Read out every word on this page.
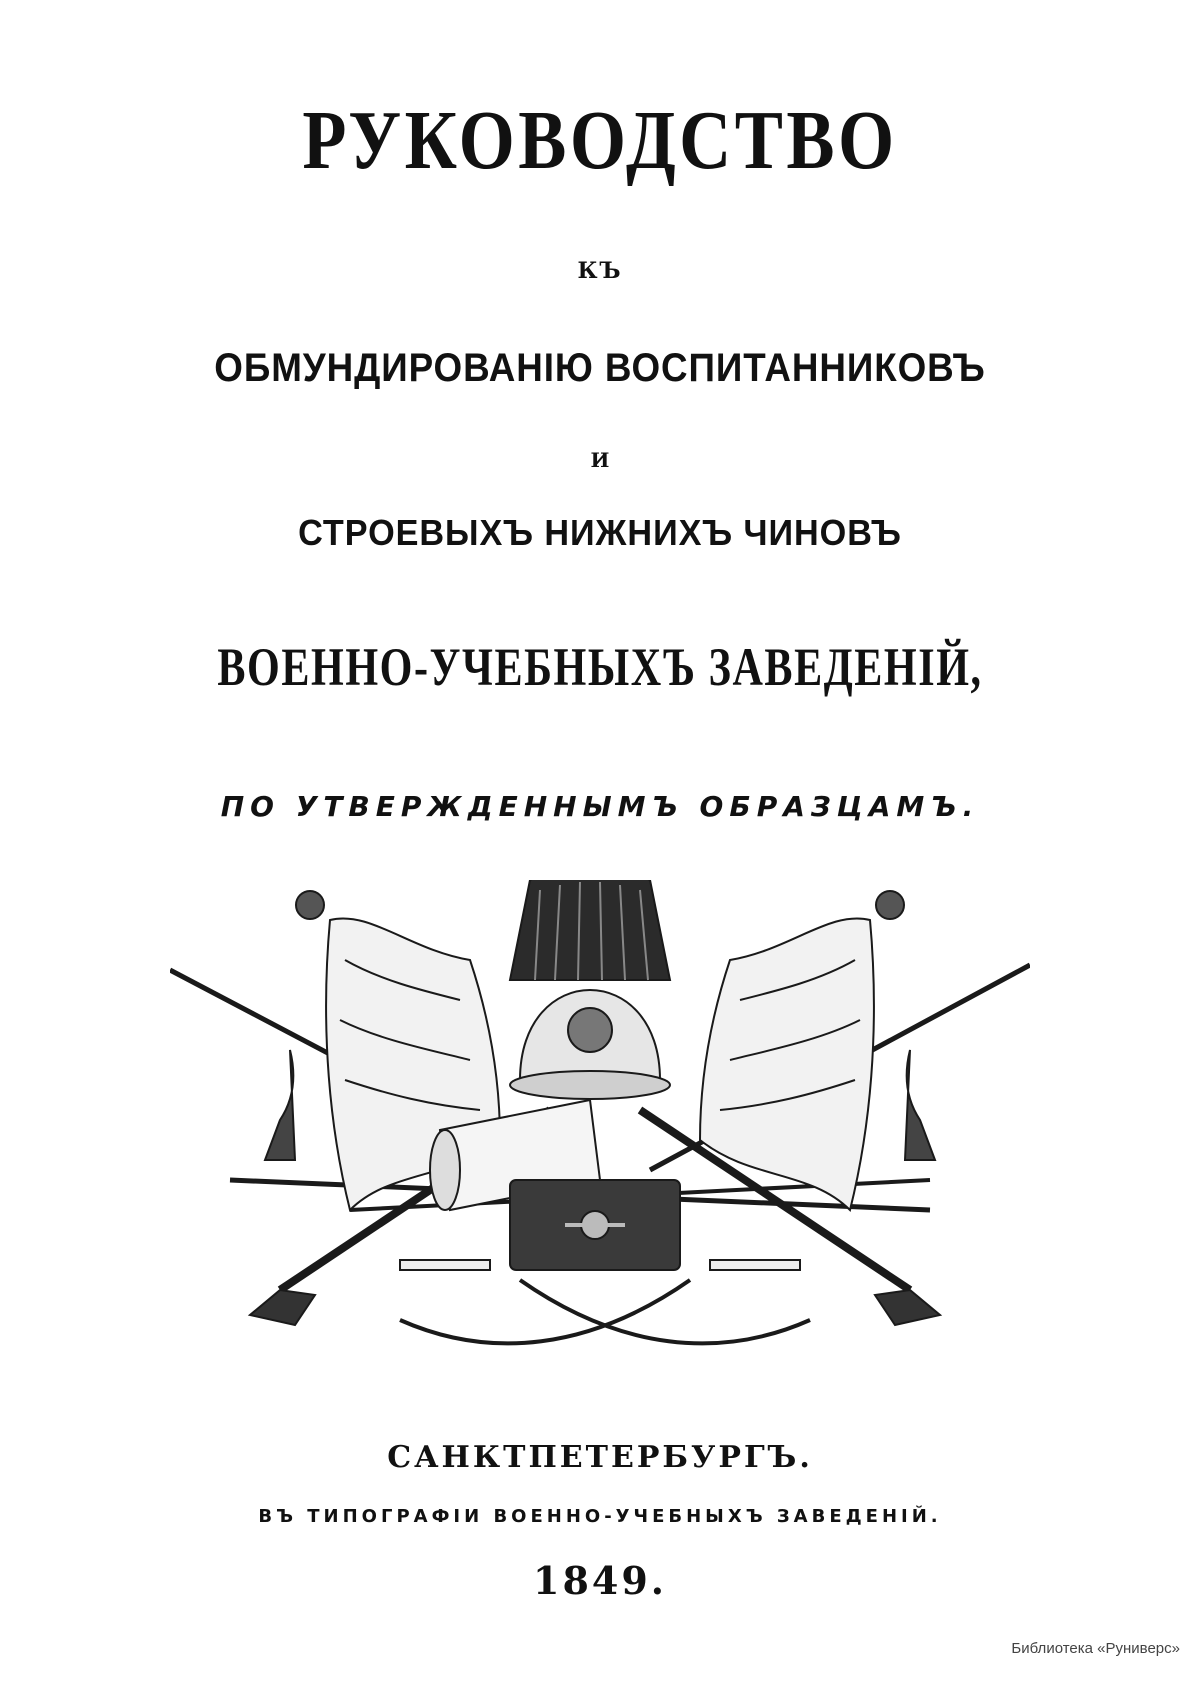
РУКОВОДСТВО
КЪ
ОБМУНДИРОВАНІЮ ВОСПИТАННИКОВЪ
И
СТРОЕВЫХЪ НИЖНИХЪ ЧИНОВЪ
ВОЕННО-УЧЕБНЫХЪ ЗАВЕДЕНІЙ,
ПО УТВЕРЖДЕННЫМЪ ОБРАЗЦАМЪ.
САНКТПЕТЕРБУРГЪ.
ВЪ ТИПОГРАФІИ ВОЕННО-УЧЕБНЫХЪ ЗАВЕДЕНІЙ.
1849.
Библиотека «Руниверс»
